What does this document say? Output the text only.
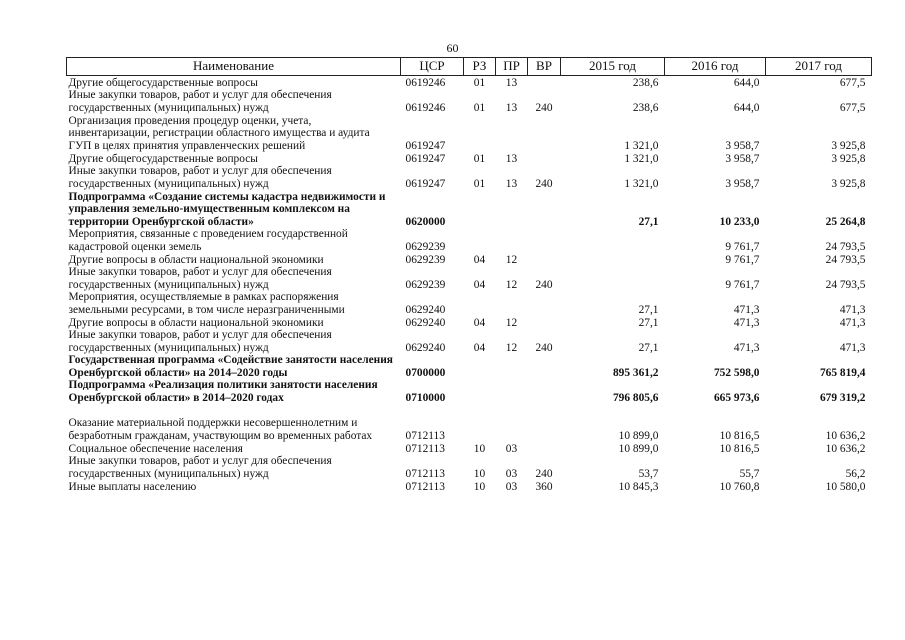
60
Наименование	ЦСР	РЗ	ПР	ВР	2015 год	2016 год	2017 год
Другие общегосударственные вопросы	0619246	01	13		238,6	644,0	677,5
Иные закупки товаров, работ и услуг для обеспечения государственных (муниципальных) нужд	0619246	01	13	240	238,6	644,0	677,5
Организация проведения процедур оценки, учета, инвентаризации, регистрации областного имущества и аудита ГУП в целях принятия управленческих решений	0619247				1 321,0	3 958,7	3 925,8
Другие общегосударственные вопросы	0619247	01	13		1 321,0	3 958,7	3 925,8
Иные закупки товаров, работ и услуг для обеспечения государственных (муниципальных) нужд	0619247	01	13	240	1 321,0	3 958,7	3 925,8
Подпрограмма «Создание системы кадастра недвижимости и управления земельно-имущественным комплексом на территории Оренбургской области»	0620000				27,1	10 233,0	25 264,8
Мероприятия, связанные с проведением государственной кадастровой оценки земель	0629239					9 761,7	24 793,5
Другие вопросы в области национальной экономики	0629239	04	12			9 761,7	24 793,5
Иные закупки товаров, работ и услуг для обеспечения государственных (муниципальных) нужд	0629239	04	12	240		9 761,7	24 793,5
Мероприятия, осуществляемые в рамках распоряжения земельными ресурсами, в том числе неразграниченными	0629240				27,1	471,3	471,3
Другие вопросы в области национальной экономики	0629240	04	12		27,1	471,3	471,3
Иные закупки товаров, работ и услуг для обеспечения государственных (муниципальных) нужд	0629240	04	12	240	27,1	471,3	471,3
Государственная программа «Содействие занятости населения Оренбургской области» на 2014–2020 годы	0700000				895 361,2	752 598,0	765 819,4
Подпрограмма «Реализация политики занятости населения Оренбургской области» в 2014–2020 годах	0710000				796 805,6	665 973,6	679 319,2
Оказание материальной поддержки несовершеннолетним и безработным гражданам, участвующим во временных работах	0712113				10 899,0	10 816,5	10 636,2
Социальное обеспечение населения	0712113	10	03		10 899,0	10 816,5	10 636,2
Иные закупки товаров, работ и услуг для обеспечения государственных (муниципальных) нужд	0712113	10	03	240	53,7	55,7	56,2
Иные выплаты населению	0712113	10	03	360	10 845,3	10 760,8	10 580,0
